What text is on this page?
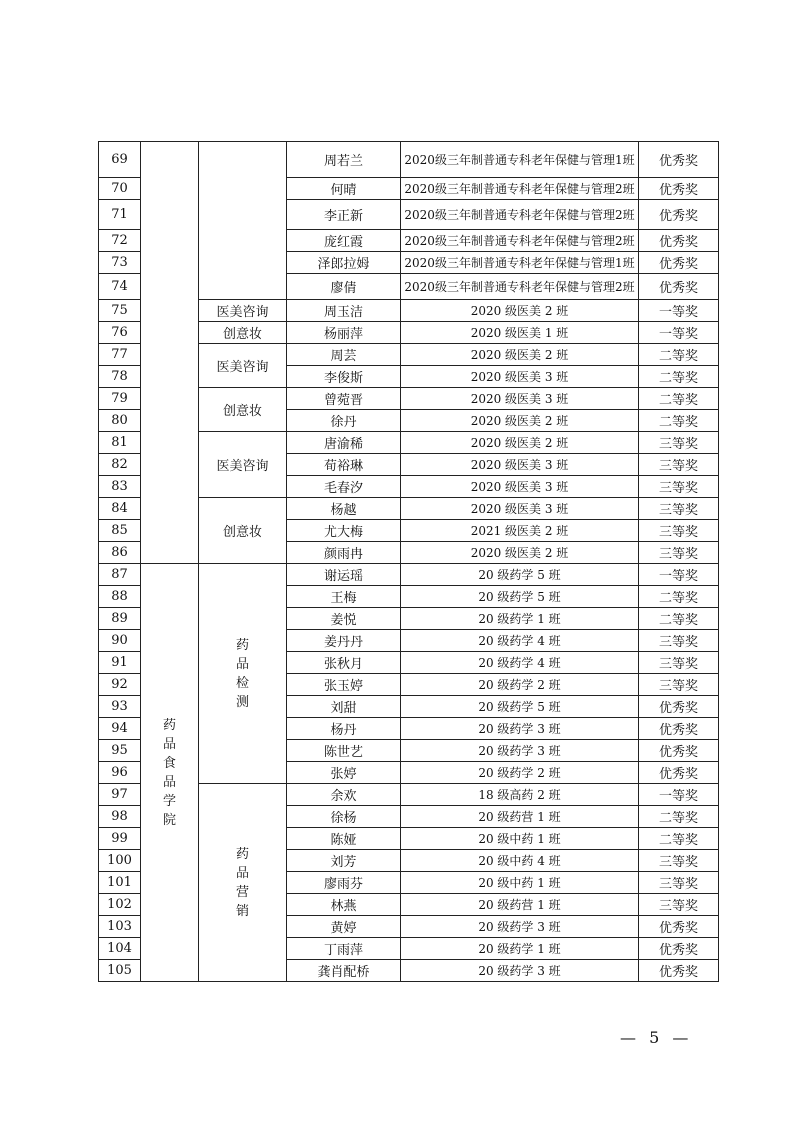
69			周若兰	2020级三年制普通专科老年保健与管理1班	优秀奖
70			何晴	2020级三年制普通专科老年保健与管理2班	优秀奖
71			李正新	2020级三年制普通专科老年保健与管理2班	优秀奖
72			庞红霞	2020级三年制普通专科老年保健与管理2班	优秀奖
73			泽郎拉姆	2020级三年制普通专科老年保健与管理1班	优秀奖
74			廖倩	2020级三年制普通专科老年保健与管理2班	优秀奖
75		医美咨询	周玉洁	2020 级医美 2 班	一等奖
76		创意妆	杨丽萍	2020 级医美 1 班	一等奖
77		医美咨询	周芸	2020 级医美 2 班	二等奖
78			李俊斯	2020 级医美 3 班	二等奖
79		创意妆	曾菀晋	2020 级医美 3 班	二等奖
80			徐丹	2020 级医美 2 班	二等奖
81		医美咨询	唐渝稀	2020 级医美 2 班	三等奖
82			荀裕琳	2020 级医美 3 班	三等奖
83			毛春汐	2020 级医美 3 班	三等奖
84		创意妆	杨越	2020 级医美 3 班	三等奖
85			尤大梅	2021 级医美 2 班	三等奖
86			颜雨冉	2020 级医美 2 班	三等奖
87	药品食品学院	药品检测	谢运瑶	20 级药学 5 班	一等奖
88			王梅	20 级药学 5 班	二等奖
89			姜悦	20 级药学 1 班	二等奖
90			姜丹丹	20 级药学 4 班	三等奖
91			张秋月	20 级药学 4 班	三等奖
92			张玉婷	20 级药学 2 班	三等奖
93			刘甜	20 级药学 5 班	优秀奖
94			杨丹	20 级药学 3 班	优秀奖
95			陈世艺	20 级药学 3 班	优秀奖
96			张婷	20 级药学 2 班	优秀奖
97		药品营销	余欢	18 级高药 2 班	一等奖
98			徐杨	20 级药营 1 班	二等奖
99			陈娅	20 级中药 1 班	二等奖
100			刘芳	20 级中药 4 班	三等奖
101			廖雨芬	20 级中药 1 班	三等奖
102			林燕	20 级药营 1 班	三等奖
103			黄婷	20 级药学 3 班	优秀奖
104			丁雨萍	20 级药学 1 班	优秀奖
105			龚肖配桥	20 级药学 3 班	优秀奖
— 5 —
